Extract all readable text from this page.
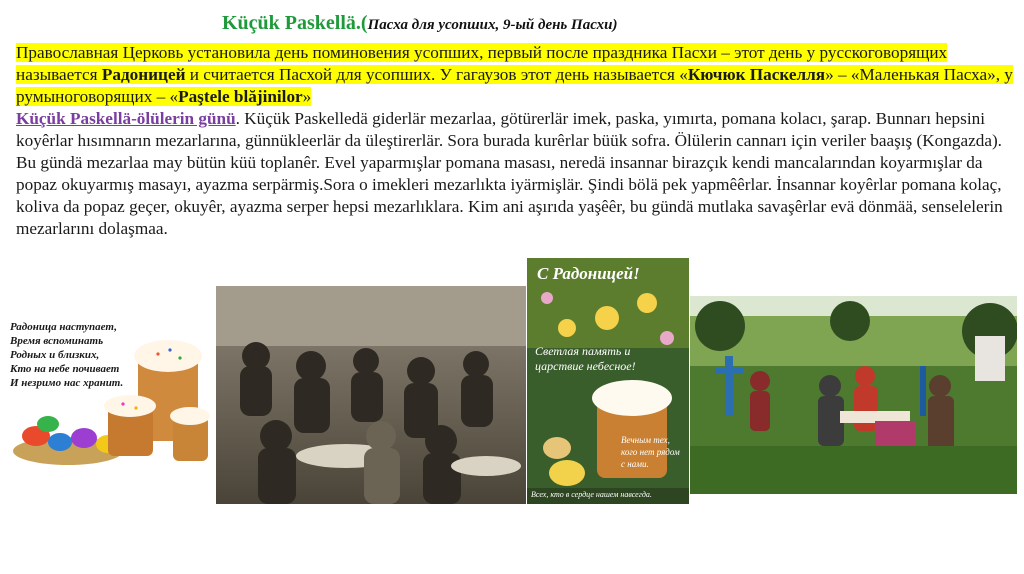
Küçük Paskellä.(Пасха для усопших, 9-ый день Пасхи)
Православная Церковь установила день поминовения усопших, первый после праздника Пасхи – этот день у русскоговорящих называется Радоницей и считается Пасхой для усопших. У гагаузов этот день называется «Кючюк Паскелля» – «Маленькая Пасха», у румыноговорящих – «Paştele blăjinilor»
Küçük Paskellä-ölülerin günü. Küçük Paskelledä giderlär mezarlaa, götürerlär imek, paska, yımırta, pomana kolacı, şarap. Bunnarı hepsini koyêrlar hısımnarın mezarlarına, günnükleerlär da üleştirerlär. Sora burada kurêrlar büük sofra. Ölülerin cannarı için veriler baaşış (Kongazda). Bu gündä mezarlaa may bütün küü toplanêr. Evel yaparmışlar pomana masası, neredä insannar birazçık kendi mancalarından koyarmışlar da popaz okuyarmış masayı, ayazma serpärmiş.Sora o imekleri mezarlıkta iyärmişlär. Şindi bölä pek yapmêêrlar. İnsannar koyêrlar pomana kolaç, koliva da popaz geçer, okuyêr, ayazma serper hepsi mezarlıklara. Kim ani aşırıda yaşêêr, bu gündä mutlaka savaşêrlar evä dönmää, senselelerin mezarlarını dolaşmaa.
Радоница наступает,
Время вспоминать
Родных и близких,
Кто на небе почивает
И незримо нас хранит.
С Радоницей!
Светлая память и
царствие небесное!
Вечным тех,
кого нет рядом
с нами.
Всех, кто в сердце нашем навсегда.
